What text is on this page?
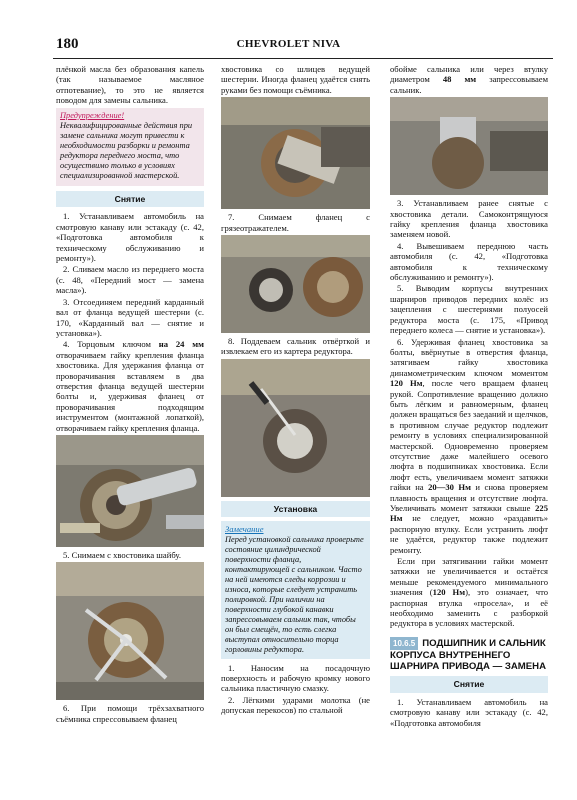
180	CHEVROLET NIVA

плёнкой масла без образования капель (так называемое масляное отпотевание), то это не является поводом для замены сальника.

Предупреждение!

Неквалифицированные действия при замене сальника могут привести к необходимости разборки и ремонта редуктора переднего моста, что осуществимо только в условиях специализированной мастерской.

Снятие

1. Устанавливаем автомобиль на смотровую канаву или эстакаду (с. 42, «Подготовка автомобиля к техническому обслуживанию и ремонту»).

2. Сливаем масло из переднего моста (с. 48, «Передний мост — замена масла»).

3. Отсоединяем передний карданный вал от фланца ведущей шестерни (с. 170, «Карданный вал — снятие и установка»).

4. Торцовым ключом на 24 мм отворачиваем гайку крепления фланца хвостовика. Для удержания фланца от проворачивания вставляем в два отверстия фланца ведущей шестерни болты и, удерживая фланец от проворачивания подходящим инструментом (монтажной лопаткой), отворачиваем гайку крепления фланца.

5. Снимаем с хвостовика шайбу.

6. При помощи трёхзахватного съёмника спрессовываем фланец

хвостовика со шлицев ведущей шестерни. Иногда фланец удаётся снять руками без помощи съёмника.

7. Снимаем фланец с грязеотражателем.

8. Поддеваем сальник отвёрткой и извлекаем его из картера редуктора.

Установка
Замечание

Перед установкой сальника проверьте состояние цилиндрической поверхности фланца, контактирующей с сальником. Часто на ней имеются следы коррозии и износа, которые следует устранить полировкой. При наличии на поверхности глубокой канавки запрессовываем сальник так, чтобы он был смещён, то есть слегка выступал относительно торца горловины редуктора.

1. Наносим на посадочную поверхность и рабочую кромку нового сальника пластичную смазку.

2. Лёгкими ударами молотка (не допуская перекосов) по стальной

обойме сальника или через втулку диаметром 48 мм запрессовываем сальник.

3. Устанавливаем ранее снятые с хвостовика детали. Самоконтрящуюся гайку крепления фланца хвостовика заменяем новой.

4. Вывешиваем переднюю часть автомобиля (с. 42, «Подготовка автомобиля к техническому обслуживанию и ремонту»).

5. Выводим корпусы внутренних шарниров приводов передних колёс из зацепления с шестернями полуосей редуктора моста (с. 175, «Привод переднего колеса — снятие и установка»).

6. Удерживая фланец хвостовика за болты, ввёрнутые в отверстия фланца, затягиваем гайку хвостовика динамометрическим ключом моментом 120 Нм, после чего вращаем фланец рукой. Сопротивление вращению должно быть лёгким и равномерным, фланец должен вращаться без заеданий и щелчков, в противном случае редуктор подлежит ремонту в условиях специализированной мастерской. Одновременно проверяем отсутствие даже малейшего осевого люфта в подшипниках хвостовика. Если люфт есть, увеличиваем момент затяжки гайки на 20—30 Нм и снова проверяем плавность вращения и отсутствие люфта. Увеличивать момент затяжки свыше 225 Нм не следует, можно «раздавить» распорную втулку. Если устранить люфт не удаётся, редуктор также подлежит ремонту.

Если при затягивании гайки момент затяжки не увеличивается и остаётся меньше рекомендуемого минимального значения (120 Нм), это означает, что распорная втулка «просела», и её необходимо заменить с разборкой редуктора в условиях мастерской.

10.6.5 ПОДШИПНИК И САЛЬНИК КОРПУСА ВНУТРЕННЕГО ШАРНИРА ПРИВОДА — ЗАМЕНА
Снятие

1. Устанавливаем автомобиль на смотровую канаву или эстакаду (с. 42, «Подготовка автомобиля
